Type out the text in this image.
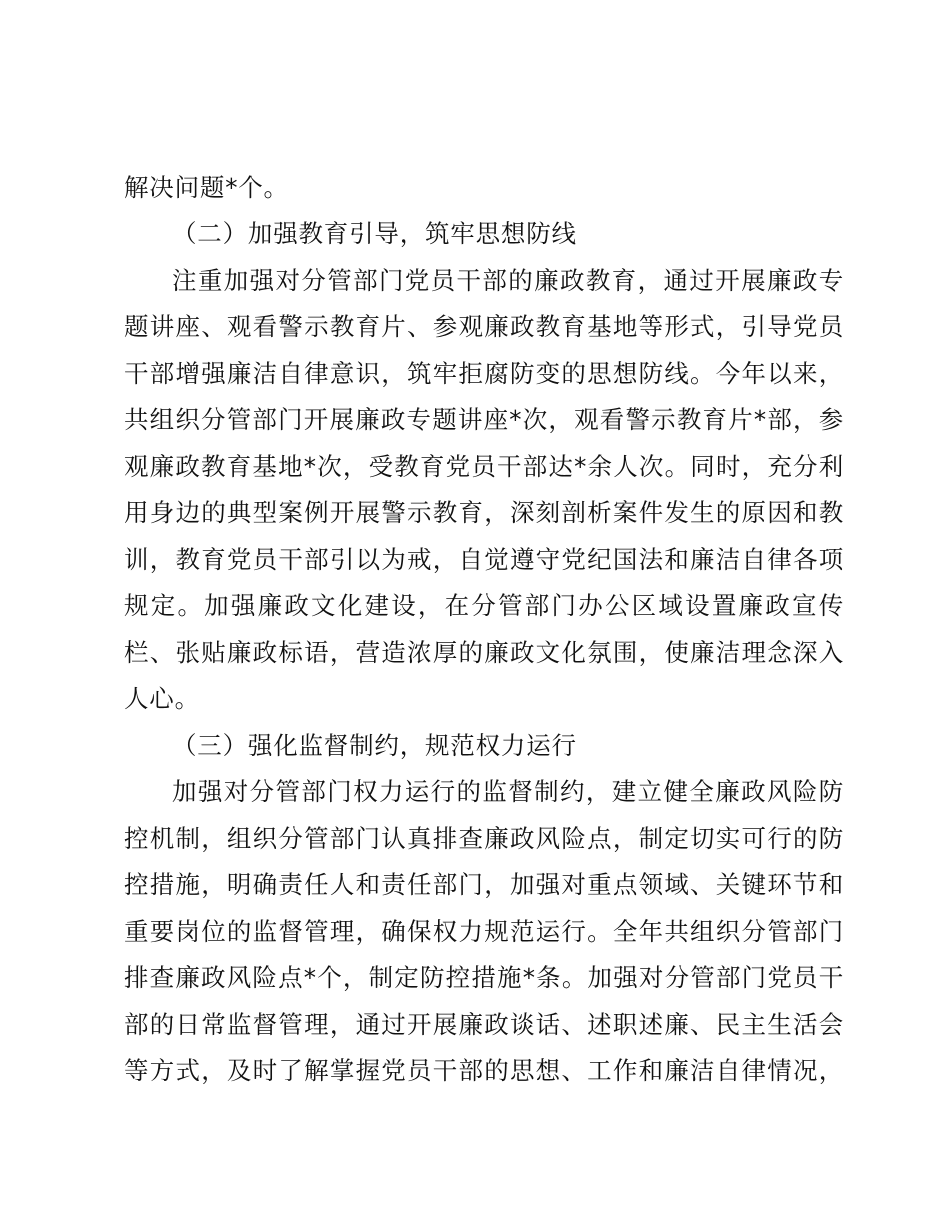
解决问题*个。
（二）加强教育引导，筑牢思想防线
注重加强对分管部门党员干部的廉政教育，通过开展廉政专
题讲座、观看警示教育片、参观廉政教育基地等形式，引导党员
干部增强廉洁自律意识，筑牢拒腐防变的思想防线。今年以来，
共组织分管部门开展廉政专题讲座*次，观看警示教育片*部，参
观廉政教育基地*次，受教育党员干部达*余人次。同时，充分利
用身边的典型案例开展警示教育，深刻剖析案件发生的原因和教
训，教育党员干部引以为戒，自觉遵守党纪国法和廉洁自律各项
规定。加强廉政文化建设，在分管部门办公区域设置廉政宣传
栏、张贴廉政标语，营造浓厚的廉政文化氛围，使廉洁理念深入
人心。
（三）强化监督制约，规范权力运行
加强对分管部门权力运行的监督制约，建立健全廉政风险防
控机制，组织分管部门认真排查廉政风险点，制定切实可行的防
控措施，明确责任人和责任部门，加强对重点领域、关键环节和
重要岗位的监督管理，确保权力规范运行。全年共组织分管部门
排查廉政风险点*个，制定防控措施*条。加强对分管部门党员干
部的日常监督管理，通过开展廉政谈话、述职述廉、民主生活会
等方式，及时了解掌握党员干部的思想、工作和廉洁自律情况，
